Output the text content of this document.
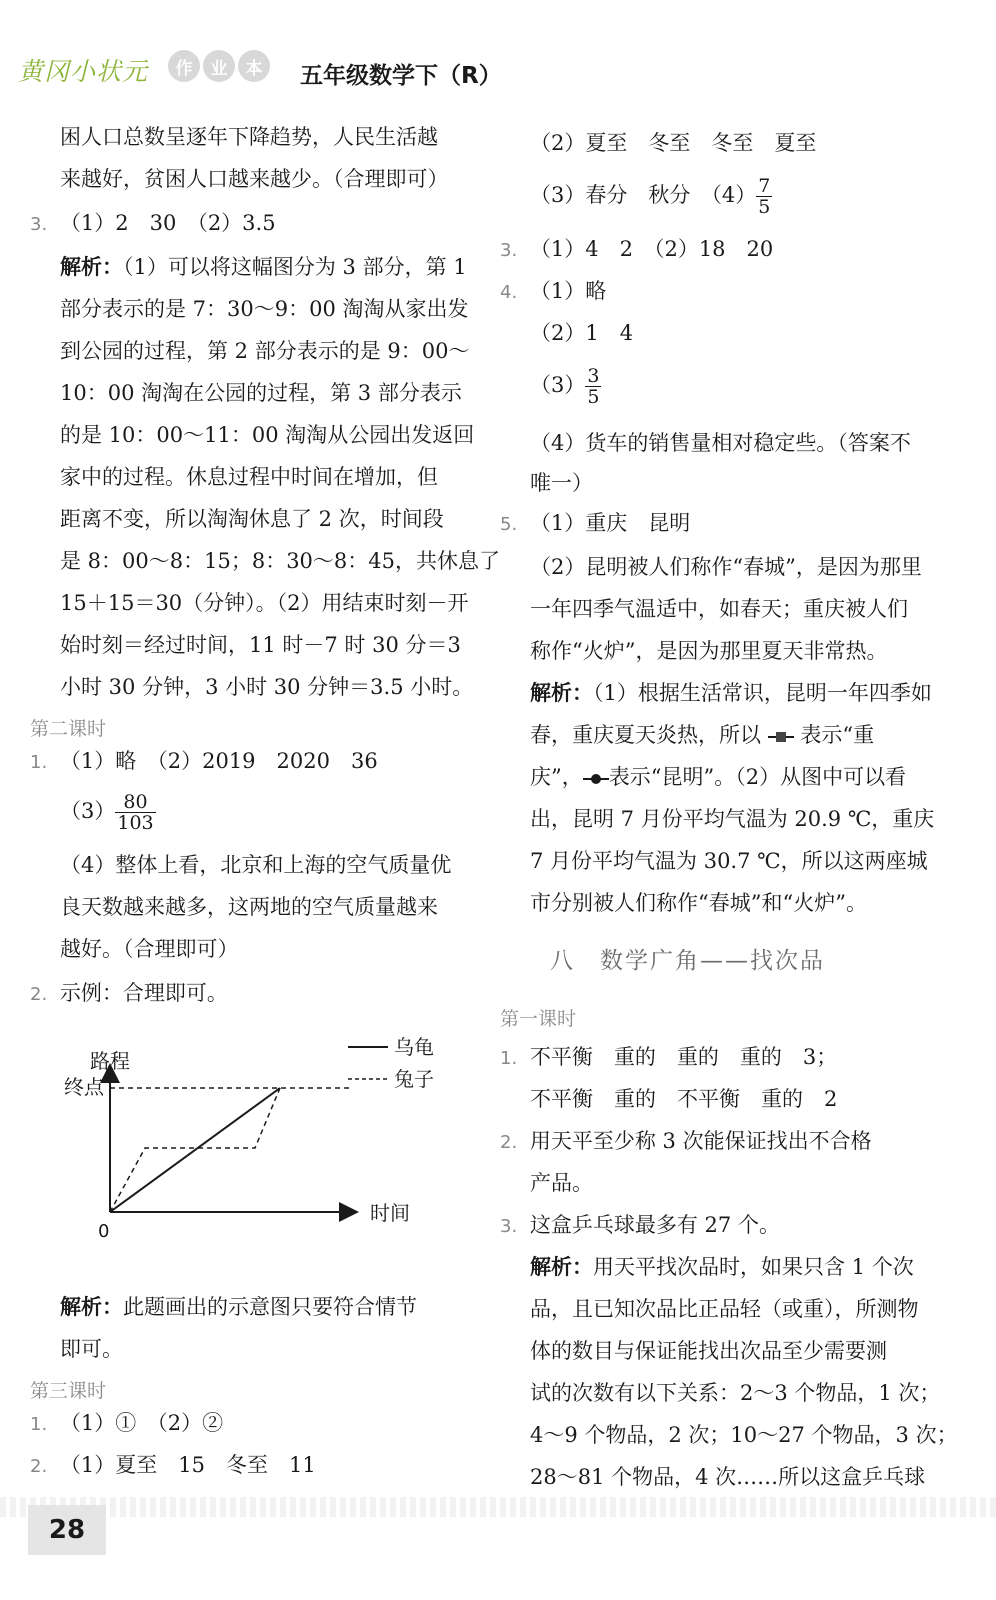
黄冈小状元	作	业	本	五年级数学下（R）
困人口总数呈逐年下降趋势，人民生活越
来越好，贫困人口越来越少。（合理即可）
3. （1）2　30　（2）3.5
解析：（1）可以将这幅图分为 3 部分，第 1
部分表示的是 7：30～9：00 淘淘从家出发
到公园的过程，第 2 部分表示的是 9：00～
10：00 淘淘在公园的过程，第 3 部分表示
的是 10：00～11：00 淘淘从公园出发返回
家中的过程。休息过程中时间在增加，但
距离不变，所以淘淘休息了 2 次，时间段
是 8：00～8：15；8：30～8：45，共休息了
15＋15＝30（分钟）。（2）用结束时刻－开
始时刻＝经过时间，11 时－7 时 30 分＝3
小时 30 分钟，3 小时 30 分钟＝3.5 小时。
第二课时
1. （1）略　（2）2019　2020　36
$(3) \frac{80}{103}$
（4）整体上看，北京和上海的空气质量优
良天数越来越多，这两地的空气质量越来
越好。（合理即可）
2. 示例：合理即可。
路程
终点
时间
0
乌龟
兔子
解析：此题画出的示意图只要符合情节
即可。
第三课时
1. （1）①　（2）②
2. （1）夏至　15　冬至　11
（2）夏至　冬至　冬至　夏至
（3）春分　秋分　$(4) \frac{7}{5}$
3. （1）4　2　（2）18　20
4. （1）略
（2）1　4
$(3) \frac{3}{5}$
（4）货车的销售量相对稳定些。（答案不
唯一）
5. （1）重庆　昆明
（2）昆明被人们称作“春城”，是因为那里
一年四季气温适中，如春天；重庆被人们
称作“火炉”，是因为那里夏天非常热。
解析：（1）根据生活常识，昆明一年四季如
春，重庆夏天炎热，所以 表示“重
庆”， 表示“昆明”。（2）从图中可以看
出，昆明 7 月份平均气温为 20.9 ℃，重庆
7 月份平均气温为 30.7 ℃，所以这两座城
市分别被人们称作“春城”和“火炉”。
八　数学广角——找次品
第一课时
1. 不平衡　重的　重的　重的　3；
不平衡　重的　不平衡　重的　2
2. 用天平至少称 3 次能保证找出不合格
产品。
3. 这盒乒乓球最多有 27 个。
解析：用天平找次品时，如果只含 1 个次
品，且已知次品比正品轻（或重），所测物
体的数目与保证能找出次品至少需要测
试的次数有以下关系：2～3 个物品，1 次；
4～9 个物品，2 次；10～27 个物品，3 次；
28～81 个物品，4 次……所以这盒乒乓球
28
